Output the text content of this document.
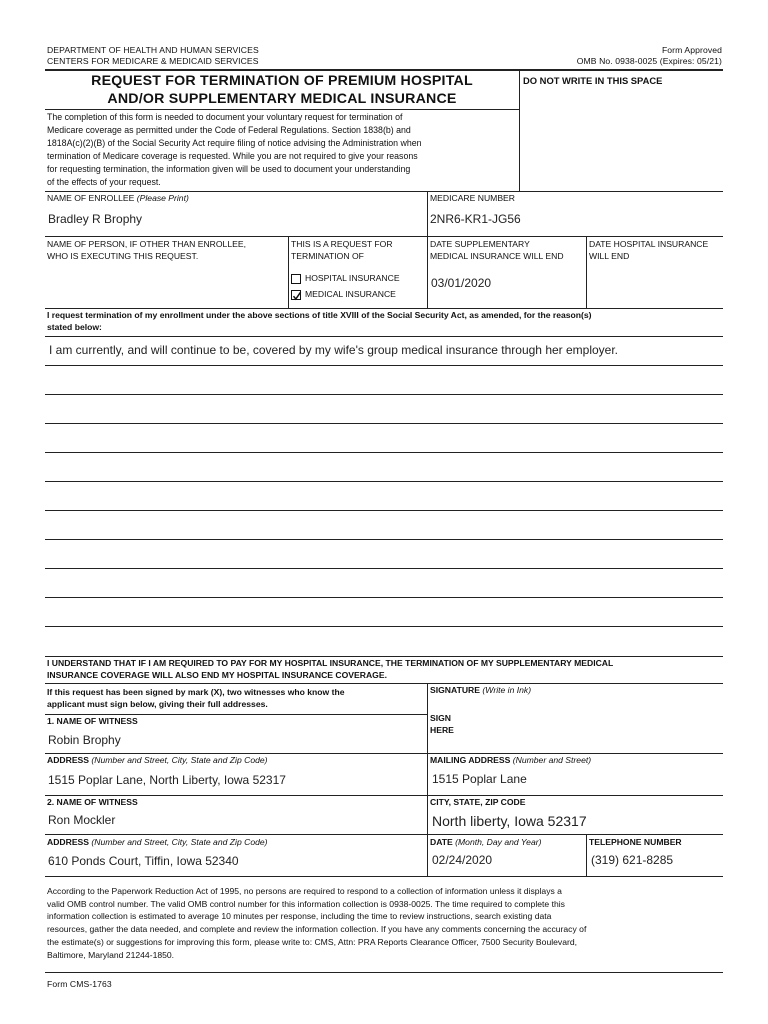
DEPARTMENT OF HEALTH AND HUMAN SERVICES
CENTERS FOR MEDICARE & MEDICAID SERVICES
Form Approved
OMB No. 0938-0025 (Expires: 05/21)
REQUEST FOR TERMINATION OF PREMIUM HOSPITAL
AND/OR SUPPLEMENTARY MEDICAL INSURANCE
DO NOT WRITE IN THIS SPACE
The completion of this form is needed to document your voluntary request for termination of
Medicare coverage as permitted under the Code of Federal Regulations. Section 1838(b) and
1818A(c)(2)(B) of the Social Security Act require filing of notice advising the Administration when
termination of Medicare coverage is requested. While you are not required to give your reasons
for requesting termination, the information given will be used to document your understanding
of the effects of your request.
NAME OF ENROLLEE (Please Print)
Bradley R Brophy
MEDICARE NUMBER
2NR6-KR1-JG56
NAME OF PERSON, IF OTHER THAN ENROLLEE,
WHO IS EXECUTING THIS REQUEST.
THIS IS A REQUEST FOR
TERMINATION OF
HOSPITAL INSURANCE
MEDICAL INSURANCE
DATE SUPPLEMENTARY
MEDICAL INSURANCE WILL END
03/01/2020
DATE HOSPITAL INSURANCE
WILL END
I request termination of my enrollment under the above sections of title XVIII of the Social Security Act, as amended, for the reason(s)
stated below:
I am currently, and will continue to be, covered by my wife's group medical insurance through her employer.
I UNDERSTAND THAT IF I AM REQUIRED TO PAY FOR MY HOSPITAL INSURANCE, THE TERMINATION OF MY SUPPLEMENTARY MEDICAL
INSURANCE COVERAGE WILL ALSO END MY HOSPITAL INSURANCE COVERAGE.
If this request has been signed by mark (X), two witnesses who know the
applicant must sign below, giving their full addresses.
SIGNATURE (Write in Ink)
SIGN
HERE
1. NAME OF WITNESS
Robin Brophy
ADDRESS (Number and Street, City, State and Zip Code)
1515 Poplar Lane, North Liberty, Iowa 52317
MAILING ADDRESS (Number and Street)
1515 Poplar Lane
2. NAME OF WITNESS
Ron Mockler
CITY, STATE, ZIP CODE
North liberty, Iowa 52317
ADDRESS (Number and Street, City, State and Zip Code)
610 Ponds Court, Tiffin, Iowa 52340
DATE (Month, Day and Year)
02/24/2020
TELEPHONE NUMBER
(319) 621-8285
According to the Paperwork Reduction Act of 1995, no persons are required to respond to a collection of information unless it displays a
valid OMB control number. The valid OMB control number for this information collection is 0938-0025. The time required to complete this
information collection is estimated to average 10 minutes per response, including the time to review instructions, search existing data
resources, gather the data needed, and complete and review the information collection. If you have any comments concerning the accuracy of
the estimate(s) or suggestions for improving this form, please write to: CMS, Attn: PRA Reports Clearance Officer, 7500 Security Boulevard,
Baltimore, Maryland 21244-1850.
Form CMS-1763
